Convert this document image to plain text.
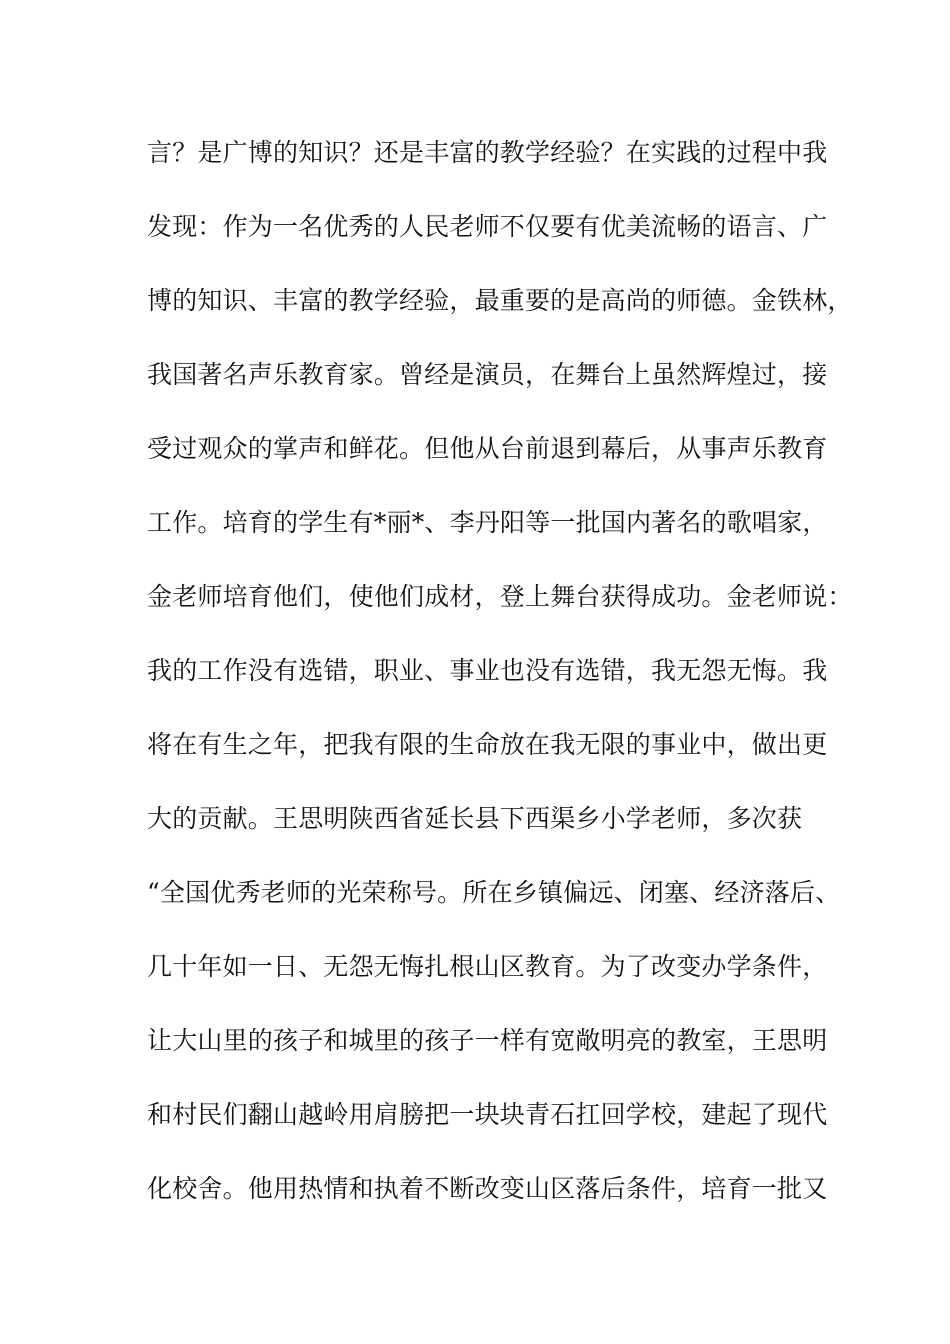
言？是广博的知识？还是丰富的教学经验？在实践的过程中我
发现：作为一名优秀的人民老师不仅要有优美流畅的语言、广
博的知识、丰富的教学经验，最重要的是高尚的师德。金铁林，
我国著名声乐教育家。曾经是演员，在舞台上虽然辉煌过，接
受过观众的掌声和鲜花。但他从台前退到幕后，从事声乐教育
工作。培育的学生有*丽*、李丹阳等一批国内著名的歌唱家，
金老师培育他们，使他们成材，登上舞台获得成功。金老师说：
我的工作没有选错，职业、事业也没有选错，我无怨无悔。我
将在有生之年，把我有限的生命放在我无限的事业中，做出更
大的贡献。王思明陕西省延长县下西渠乡小学老师，多次获
“全国优秀老师的光荣称号。所在乡镇偏远、闭塞、经济落后、
几十年如一日、无怨无悔扎根山区教育。为了改变办学条件，
让大山里的孩子和城里的孩子一样有宽敞明亮的教室，王思明
和村民们翻山越岭用肩膀把一块块青石扛回学校，建起了现代
化校舍。他用热情和执着不断改变山区落后条件，培育一批又
